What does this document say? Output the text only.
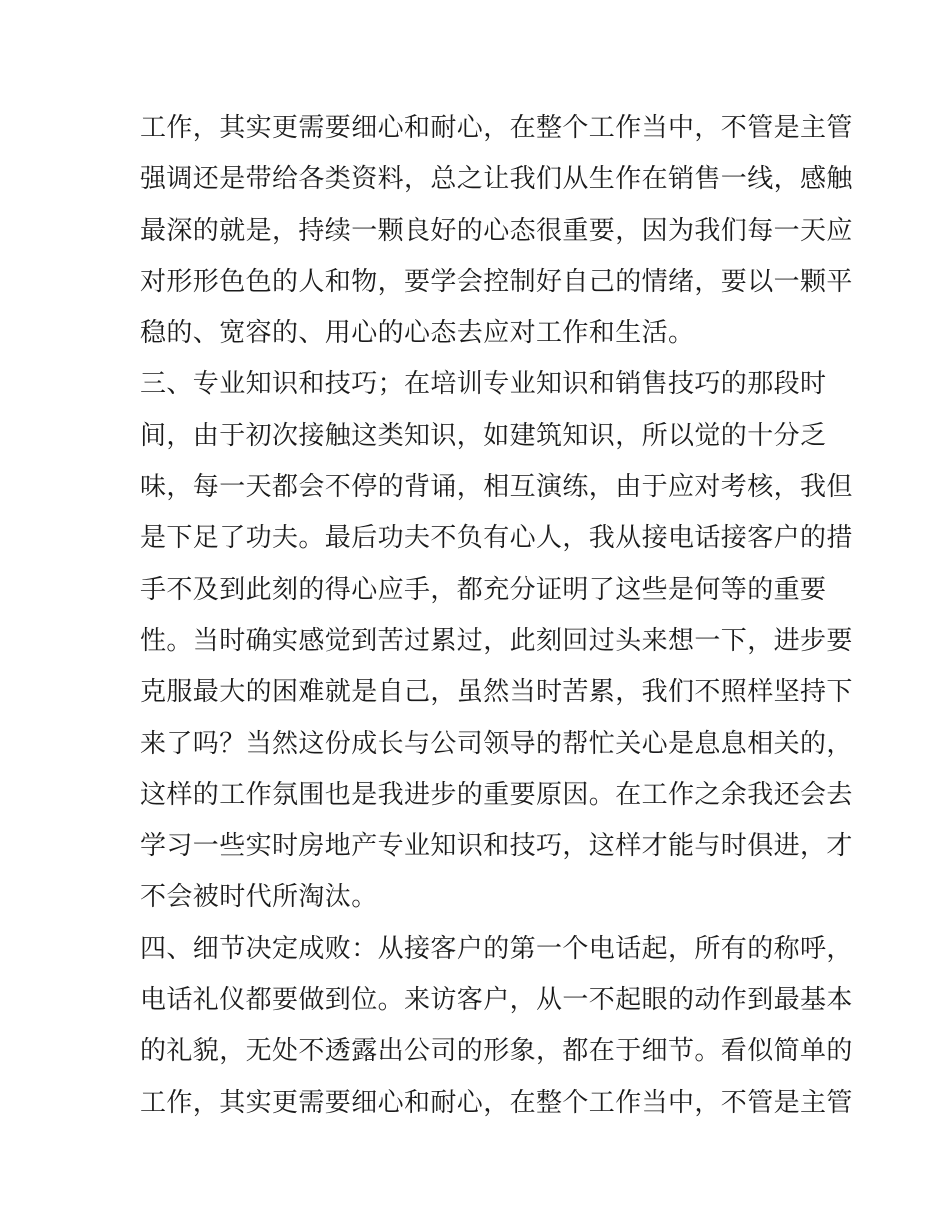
工作，其实更需要细心和耐心，在整个工作当中，不管是主管
强调还是带给各类资料，总之让我们从生作在销售一线，感触
最深的就是，持续一颗良好的心态很重要，因为我们每一天应
对形形色色的人和物，要学会控制好自己的情绪，要以一颗平
稳的、宽容的、用心的心态去应对工作和生活。
三、专业知识和技巧；在培训专业知识和销售技巧的那段时
间，由于初次接触这类知识，如建筑知识，所以觉的十分乏
味，每一天都会不停的背诵，相互演练，由于应对考核，我但
是下足了功夫。最后功夫不负有心人，我从接电话接客户的措
手不及到此刻的得心应手，都充分证明了这些是何等的重要
性。当时确实感觉到苦过累过，此刻回过头来想一下，进步要
克服最大的困难就是自己，虽然当时苦累，我们不照样坚持下
来了吗？当然这份成长与公司领导的帮忙关心是息息相关的，
这样的工作氛围也是我进步的重要原因。在工作之余我还会去
学习一些实时房地产专业知识和技巧，这样才能与时俱进，才
不会被时代所淘汰。
四、细节决定成败：从接客户的第一个电话起，所有的称呼，
电话礼仪都要做到位。来访客户，从一不起眼的动作到最基本
的礼貌，无处不透露出公司的形象，都在于细节。看似简单的
工作，其实更需要细心和耐心，在整个工作当中，不管是主管
